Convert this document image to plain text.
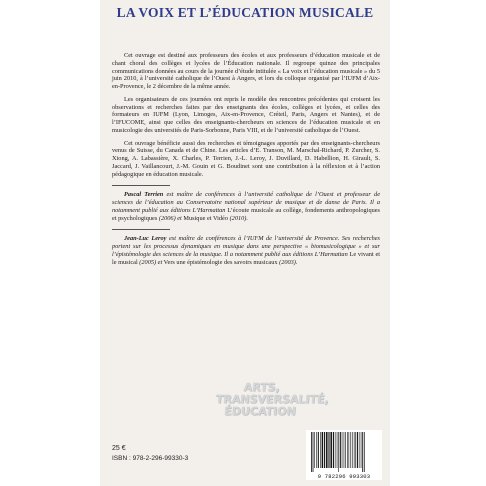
LA VOIX ET L’ÉDUCATION MUSICALE

Cet ouvrage est destiné aux professeurs des écoles et aux professeurs d’éducation musicale et de chant choral des collèges et lycées de l’Éducation nationale. Il regroupe quinze des principales communications données au cours de la journée d’étude intitulée « La voix et l’éducation musicale » du 5 juin 2010, à l’université catholique de l’Ouest à Angers, et lors du colloque organisé par l’IUFM d’Aix-en-Provence, le 2 décembre de la même année.

Les organisateurs de ces journées ont repris le modèle des rencontres précédentes qui croisent les observations et recherches faites par des enseignants des écoles, collèges et lycées, et celles des formateurs en IUFM (Lyon, Limoges, Aix-en-Provence, Créteil, Paris, Angers et Nantes), et de l’IFUCOME, ainsi que celles des enseignants-chercheurs en sciences de l’éducation musicale et en musicologie des universités de Paris-Sorbonne, Paris VIII, et de l’université catholique de l’Ouest.

Cet ouvrage bénéficie aussi des recherches et témoignages apportés par des enseignants-chercheurs venus de Suisse, du Canada et de Chine. Les articles d’E. Transon, M. Marschal-Richard, P. Zurcher, S. Xiong, A. Labassière, X. Charles, P. Terrien, J.-L. Leroy, J. Duvillard, D. Habellion, H. Girault, S. Jaccard, J. Vaillancourt, J.-M. Gouin et G. Boudinet sont une contribution à la réflexion et à l’action pédagogique en éducation musicale.

Pascal Terrien est maître de conférences à l’université catholique de l’Ouest et professeur de sciences de l’éducation au Conservatoire national supérieur de musique et de danse de Paris. Il a notamment publié aux éditions L’Harmattan L’écoute musicale au collège, fondements anthropologiques et psychologiques (2006) et Musique et Vidéo (2010).
Jean-Luc Leroy est maître de conférences à l’IUFM de l’université de Provence. Ses recherches portent sur les processus dynamiques en musique dans une perspective « biomusicologique » et sur l’épistémologie des sciences de la musique. Il a notamment publié aux éditions L’Harmattan Le vivant et le musical (2005) et Vers une épistémologie des savoirs musicaux (2003).
ARTS,
TRANSVERSALITÉ,
ÉDUCATION
25 €
ISBN : 978-2-296-99330-3
9 782296 993303
